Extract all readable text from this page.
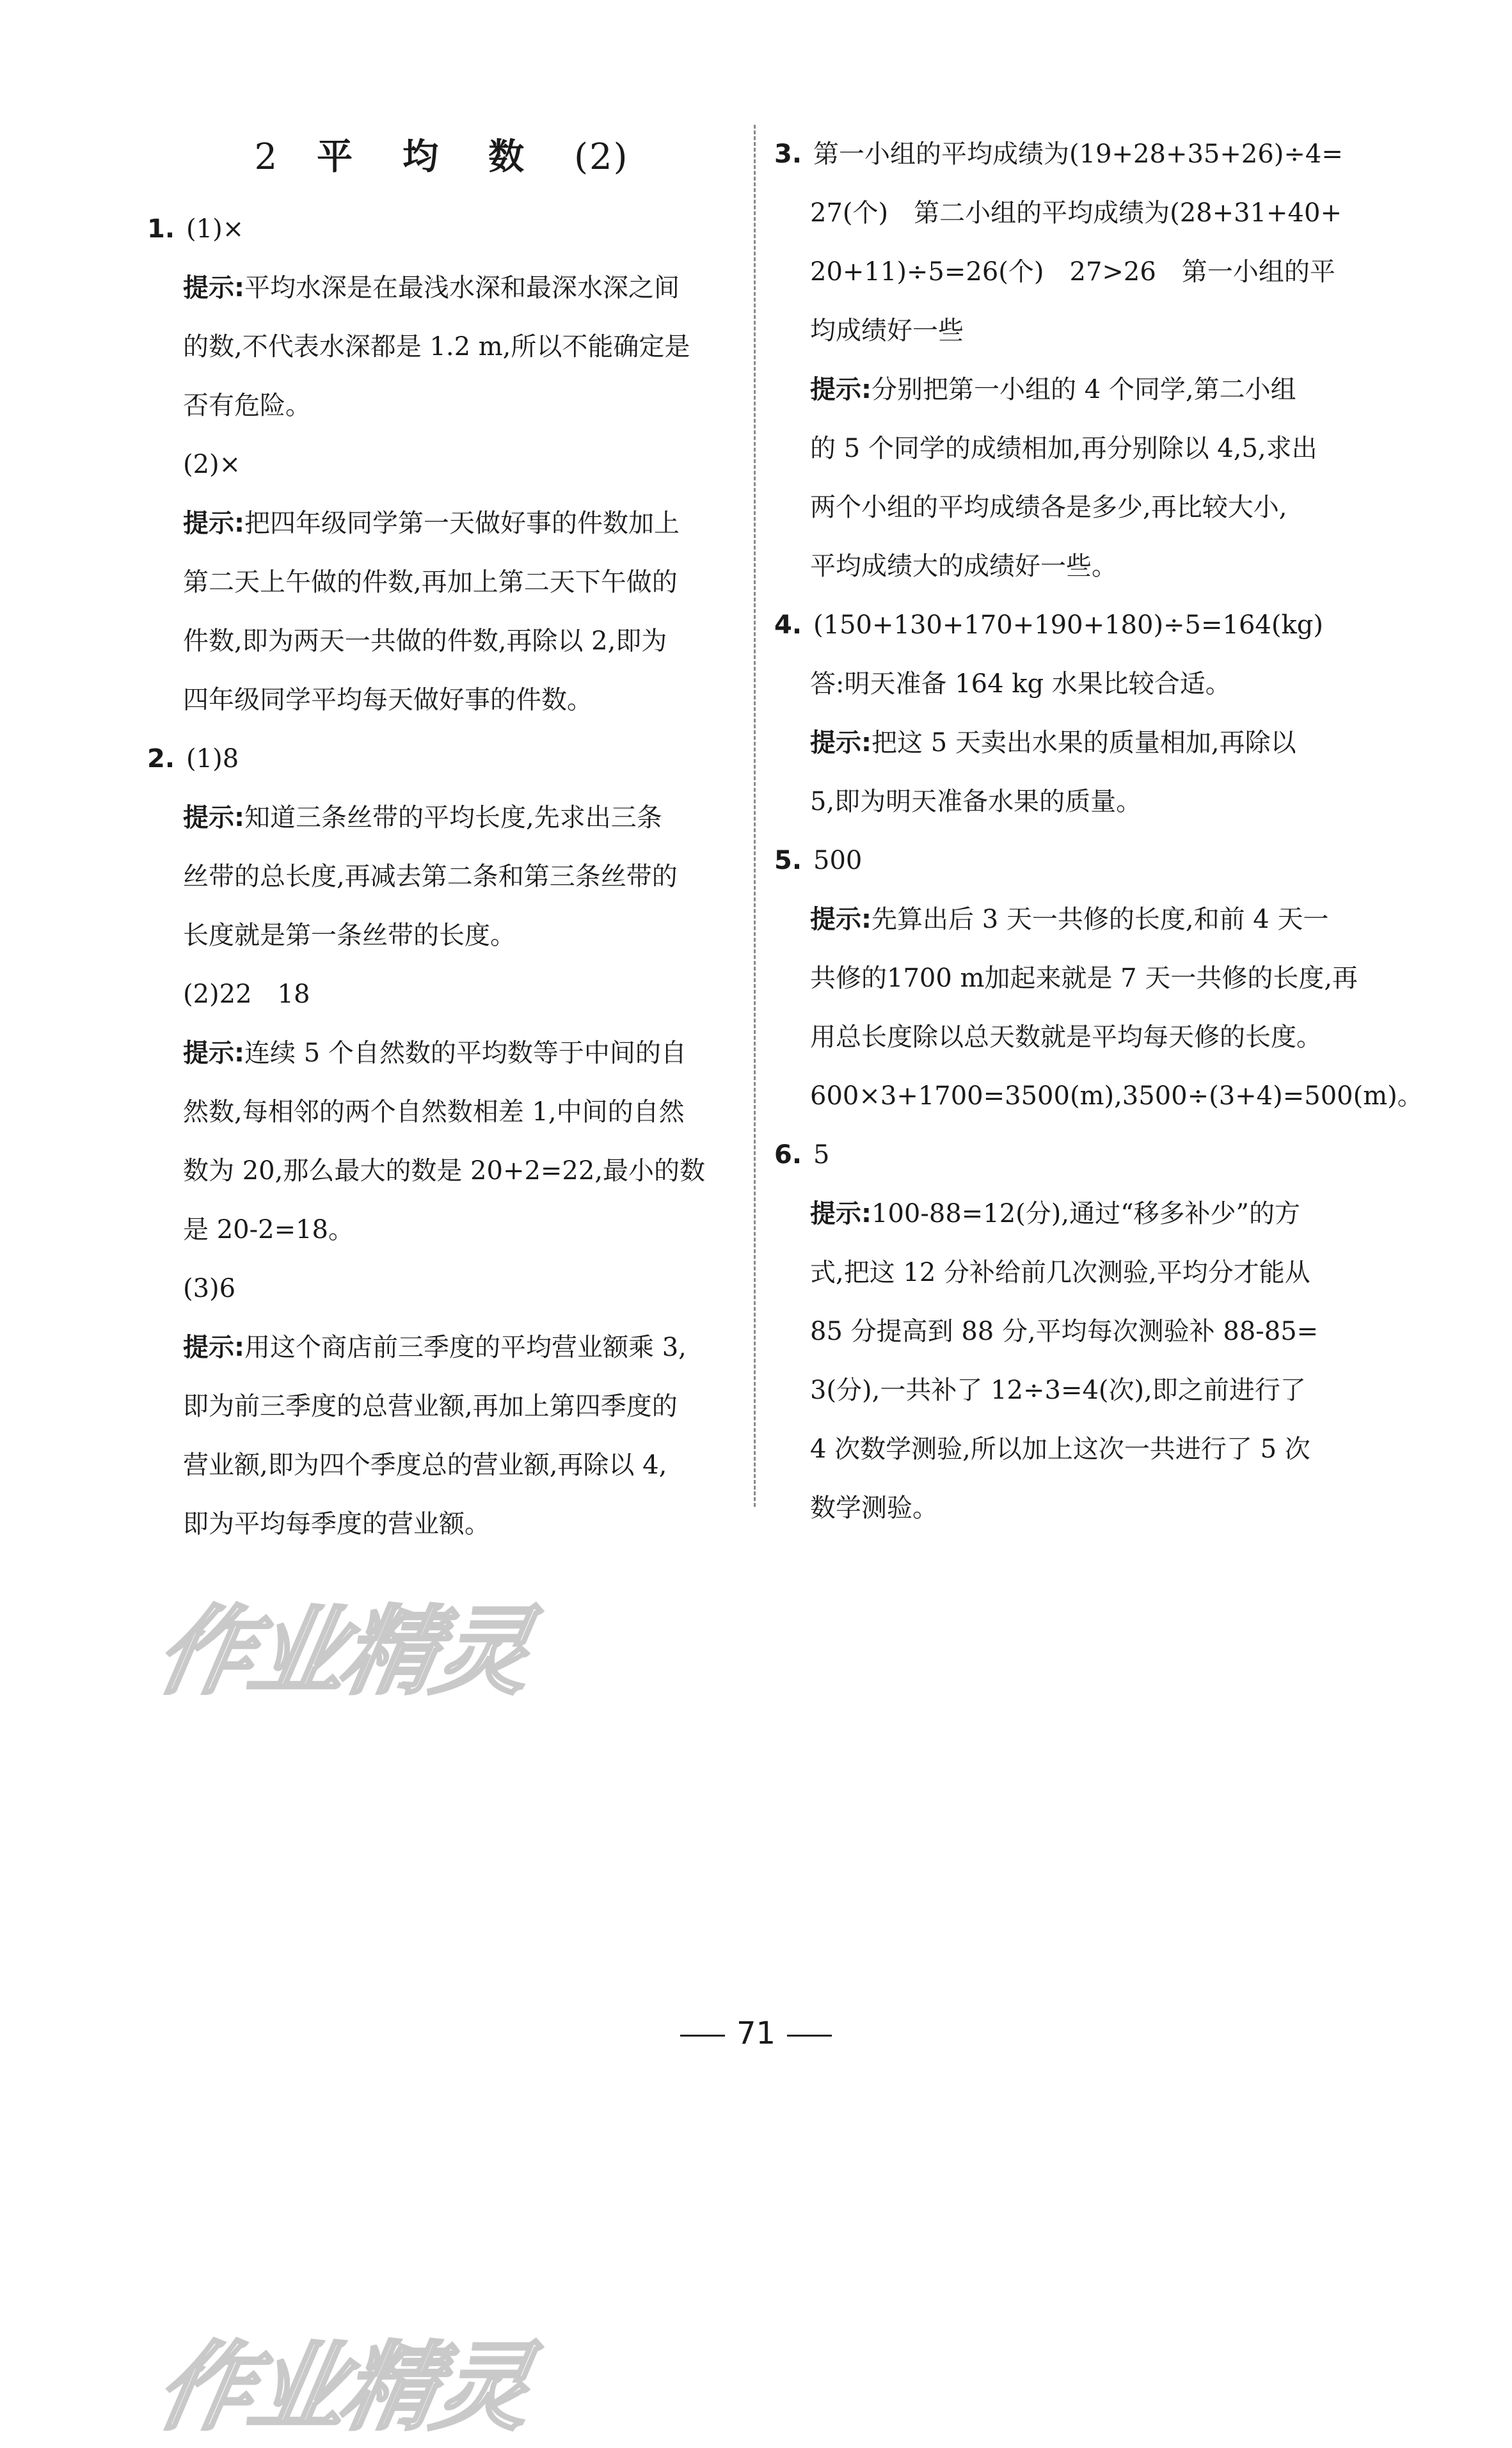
2 平均数(2)

1. (1)×

提示:平均水深是在最浅水深和最深水深之间

的数,不代表水深都是 1.2 m,所以不能确定是

否有危险。

(2)×

提示:把四年级同学第一天做好事的件数加上

第二天上午做的件数,再加上第二天下午做的

件数,即为两天一共做的件数,再除以 2,即为

四年级同学平均每天做好事的件数。

2. (1)8

提示:知道三条丝带的平均长度,先求出三条

丝带的总长度,再减去第二条和第三条丝带的

长度就是第一条丝带的长度。

(2)22　18

提示:连续 5 个自然数的平均数等于中间的自

然数,每相邻的两个自然数相差 1,中间的自然

数为 20,那么最大的数是 20+2=22,最小的数

是 20-2=18。

(3)6

提示:用这个商店前三季度的平均营业额乘 3,

即为前三季度的总营业额,再加上第四季度的

营业额,即为四个季度总的营业额,再除以 4,

即为平均每季度的营业额。

3. 第一小组的平均成绩为(19+28+35+26)÷4=

27(个)　第二小组的平均成绩为(28+31+40+

20+11)÷5=26(个)　27>26　第一小组的平

均成绩好一些

提示:分别把第一小组的 4 个同学,第二小组

的 5 个同学的成绩相加,再分别除以 4,5,求出

两个小组的平均成绩各是多少,再比较大小,

平均成绩大的成绩好一些。

4. (150+130+170+190+180)÷5=164(kg)

答:明天准备 164 kg 水果比较合适。

提示:把这 5 天卖出水果的质量相加,再除以

5,即为明天准备水果的质量。

5. 500

提示:先算出后 3 天一共修的长度,和前 4 天一

共修的1700 m加起来就是 7 天一共修的长度,再

用总长度除以总天数就是平均每天修的长度。

600×3+1700=3500(m),3500÷(3+4)=500(m)。

6. 5

提示:100-88=12(分),通过“移多补少”的方

式,把这 12 分补给前几次测验,平均分才能从

85 分提高到 88 分,平均每次测验补 88-85=

3(分),一共补了 12÷3=4(次),即之前进行了

4 次数学测验,所以加上这次一共进行了 5 次

数学测验。

作业精灵
作业精灵
71
